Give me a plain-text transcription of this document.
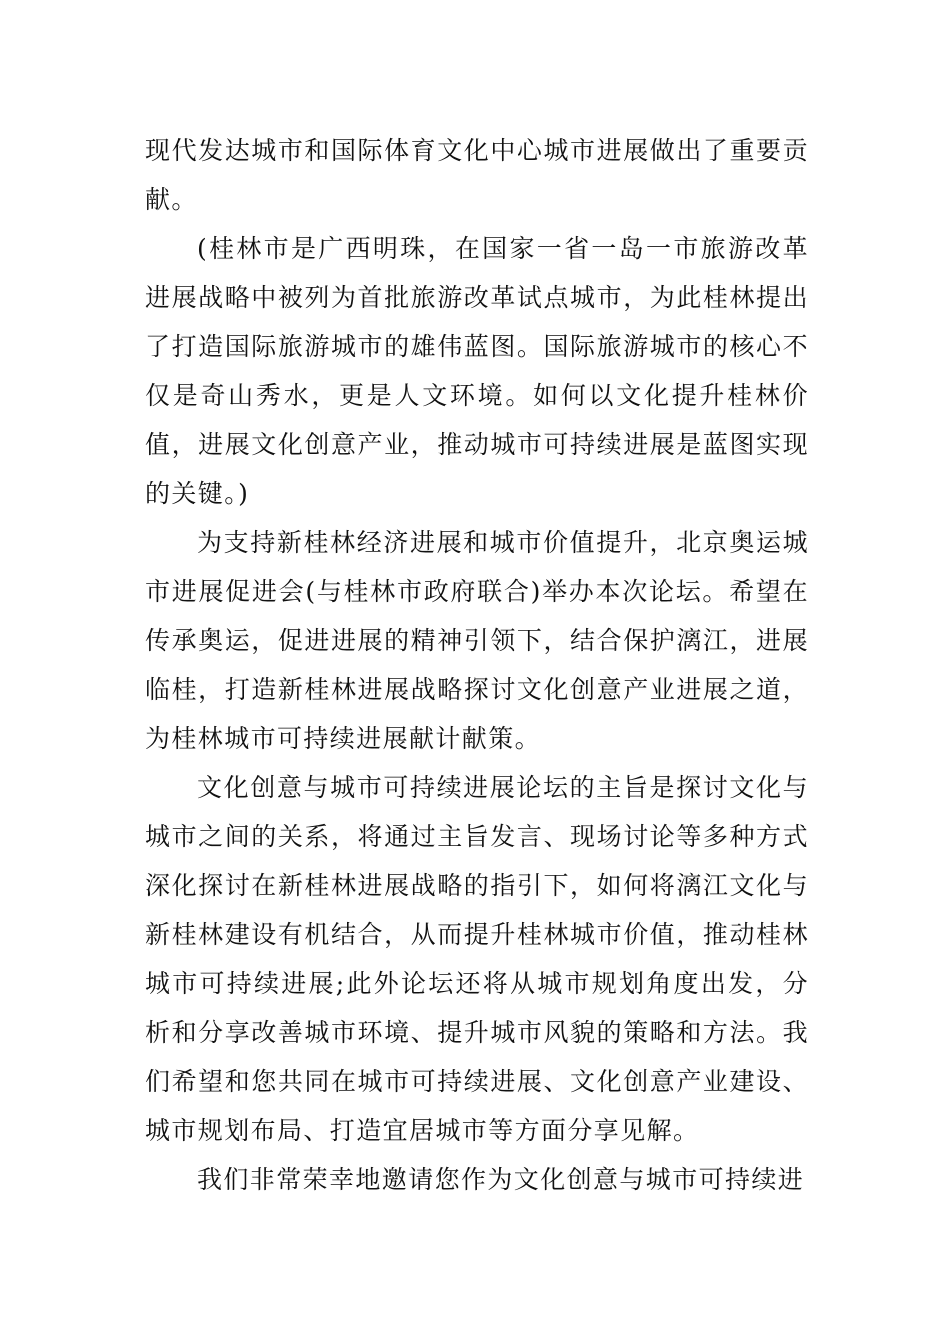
现代发达城市和国际体育文化中心城市进展做出了重要贡献。

(桂林市是广西明珠，在国家一省一岛一市旅游改革进展战略中被列为首批旅游改革试点城市，为此桂林提出了打造国际旅游城市的雄伟蓝图。国际旅游城市的核心不仅是奇山秀水，更是人文环境。如何以文化提升桂林价值，进展文化创意产业，推动城市可持续进展是蓝图实现的关键。)

为支持新桂林经济进展和城市价值提升，北京奥运城市进展促进会(与桂林市政府联合)举办本次论坛。希望在传承奥运，促进进展的精神引领下，结合保护漓江，进展临桂，打造新桂林进展战略探讨文化创意产业进展之道，为桂林城市可持续进展献计献策。

文化创意与城市可持续进展论坛的主旨是探讨文化与城市之间的关系，将通过主旨发言、现场讨论等多种方式深化探讨在新桂林进展战略的指引下，如何将漓江文化与新桂林建设有机结合，从而提升桂林城市价值，推动桂林城市可持续进展;此外论坛还将从城市规划角度出发，分析和分享改善城市环境、提升城市风貌的策略和方法。我们希望和您共同在城市可持续进展、文化创意产业建设、城市规划布局、打造宜居城市等方面分享见解。

我们非常荣幸地邀请您作为文化创意与城市可持续进
